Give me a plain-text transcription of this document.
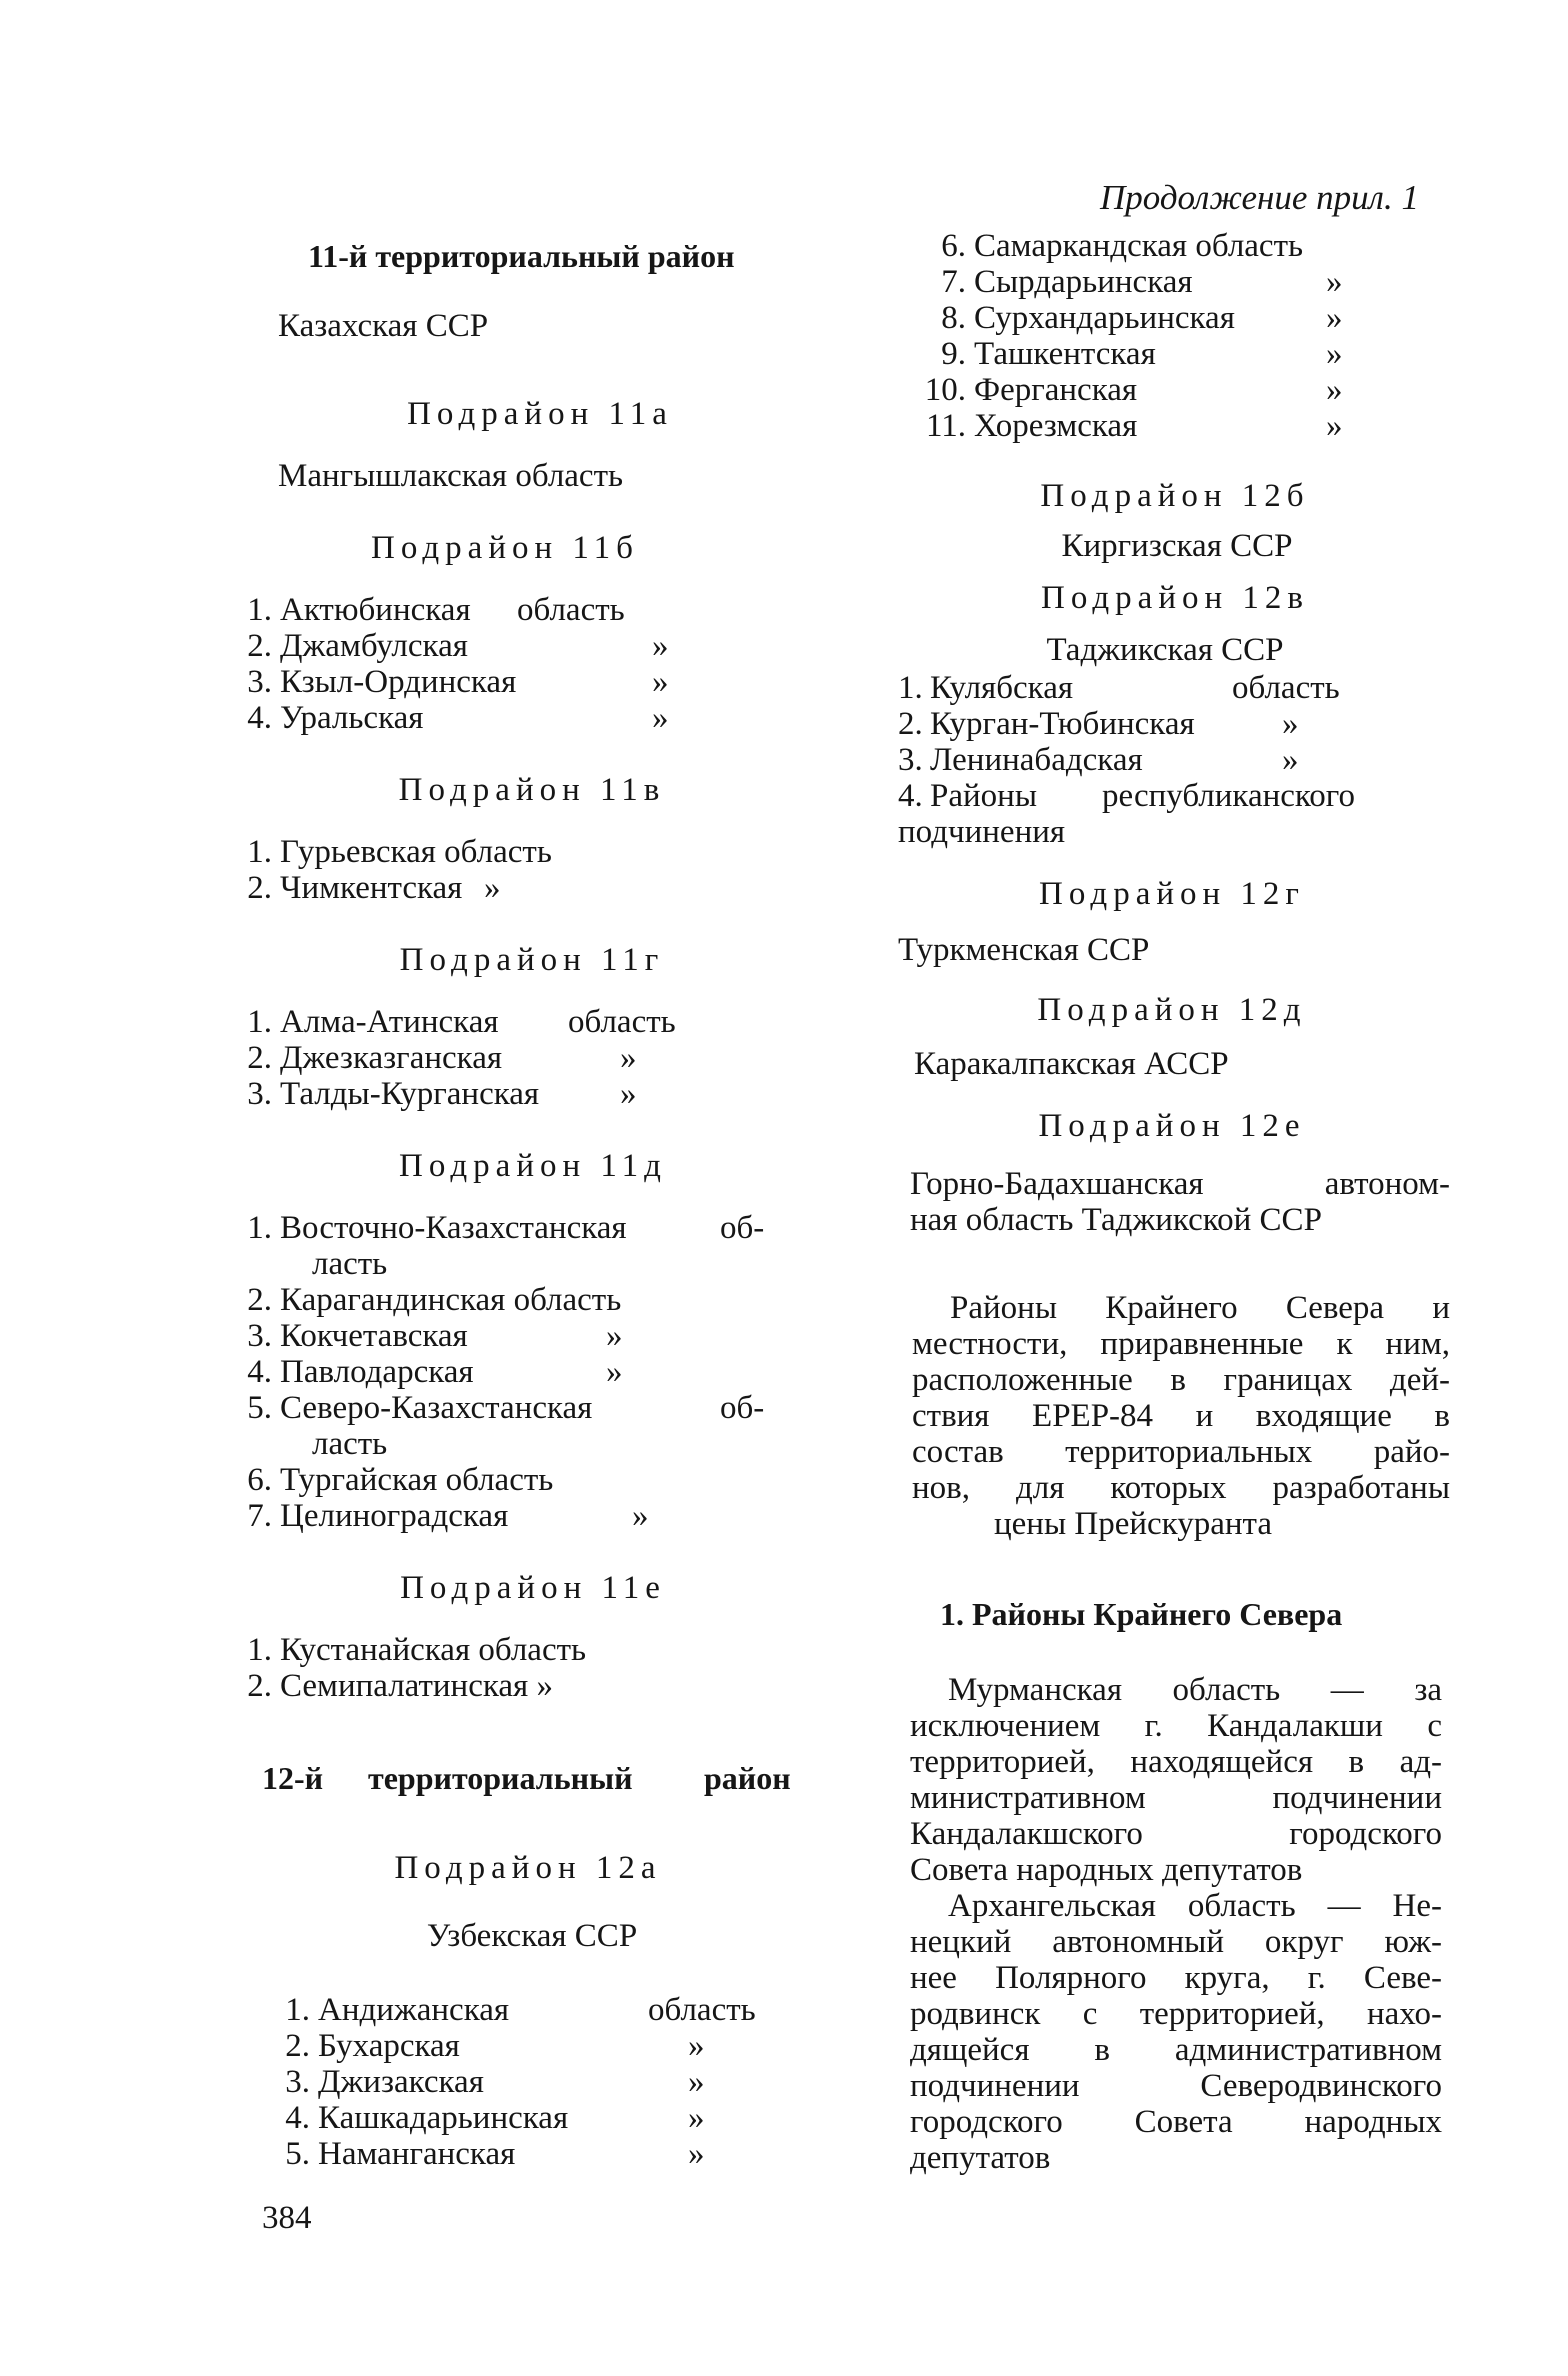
Продолжение прил. 1
11-й территориальный район
Казахская ССР
Подрайон 11а
Мангышлакская область
Подрайон 11б
1. Актюбинская область
2. Джамбулская	»
3. Кзыл-Ординская	»
4. Уральская	»
Подрайон 11в
1. Гурьевская область
2. Чимкентская »
Подрайон 11г
1. Алма-Атинская область
2. Джезказганская	»
3. Талды-Курганская »
Подрайон 11д
1. Восточно-Казахстанская	об-
ласть
2. Карагандинская область
3. Кокчетавская	»
4. Павлодарская	»
5. Северо-Казахстанская	об-
ласть
6. Тургайская область
7. Целиноградская	»
Подрайон 11е
1. Кустанайская область
2. Семипалатинская »
12-й территориальный район
Подрайон 12а
Узбекская ССР
1. Андижанская	область
2. Бухарская	»
3. Джизакская	»
4. Кашкадарьинская	»
5. Наманганская	»
384
6. Самаркандская область
7. Сырдарьинская	»
8. Сурхандарьинская	»
9. Ташкентская	»
10. Ферганская	»
11. Хорезмская	»
Подрайон 12б
Киргизская ССР
Подрайон 12в
Таджикская ССР
1. Кулябская	область
2. Курган-Тюбинская	»
3. Ленинабадская	»
4. Районы республиканского
подчинения
Подрайон 12г
Туркменская ССР
Подрайон 12д
Каракалпакская АССР
Подрайон 12е
Горно-Бадахшанская автоном-
ная область Таджикской ССР
Районы Крайнего Севера и
местности, приравненные к ним,
расположенные в границах дей-
ствия ЕРЕР-84 и входящие в
состав территориальных райо-
нов, для которых разработаны
цены Прейскуранта
1. Районы Крайнего Севера
Мурманская область — за
исключением г. Кандалакши с
территорией, находящейся в ад-
министративном подчинении
Кандалакшского городского
Совета народных депутатов
Архангельская область — Не-
нецкий автономный округ юж-
нее Полярного круга, г. Севе-
родвинск с территорией, нахо-
дящейся в административном
подчинении Северодвинского
городского Совета народных
депутатов
